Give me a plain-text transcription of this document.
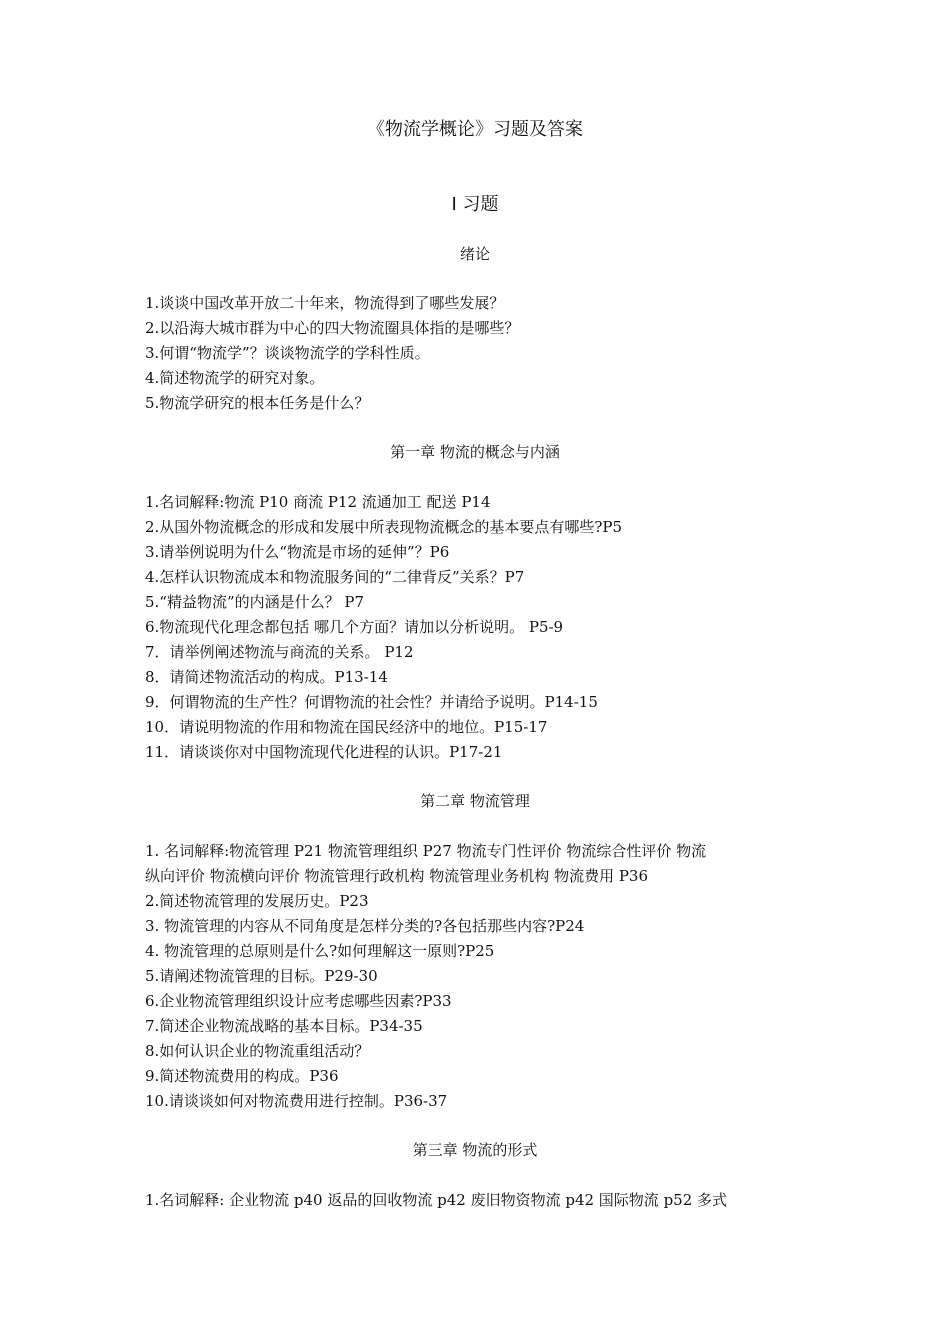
《物流学概论》习题及答案
Ⅰ 习题
绪论
1.谈谈中国改革开放二十年来，物流得到了哪些发展？
2.以沿海大城市群为中心的四大物流圈具体指的是哪些？
3.何谓“物流学”？谈谈物流学的学科性质。
4.简述物流学的研究对象。
5.物流学研究的根本任务是什么？
第一章 物流的概念与内涵
1.名词解释:物流 P10 商流 P12 流通加工 配送 P14
2.从国外物流概念的形成和发展中所表现物流概念的基本要点有哪些?P5
3.请举例说明为什么“物流是市场的延伸”？P6
4.怎样认识物流成本和物流服务间的“二律背反”关系？P7
5.“精益物流”的内涵是什么？ P7
6.物流现代化理念都包括 哪几个方面？请加以分析说明。 P5-9
7．请举例阐述物流与商流的关系。 P12
8．请简述物流活动的构成。P13-14
9．何谓物流的生产性？何谓物流的社会性？并请给予说明。P14-15
10．请说明物流的作用和物流在国民经济中的地位。P15-17
11．请谈谈你对中国物流现代化进程的认识。P17-21
第二章 物流管理
1. 名词解释:物流管理 P21 物流管理组织 P27 物流专门性评价 物流综合性评价 物流
纵向评价 物流横向评价 物流管理行政机构 物流管理业务机构 物流费用 P36
2.简述物流管理的发展历史。P23
3. 物流管理的内容从不同角度是怎样分类的?各包括那些内容?P24
4. 物流管理的总原则是什么?如何理解这一原则?P25
5.请阐述物流管理的目标。P29-30
6.企业物流管理组织设计应考虑哪些因素?P33
7.简述企业物流战略的基本目标。P34-35
8.如何认识企业的物流重组活动？
9.简述物流费用的构成。P36
10.请谈谈如何对物流费用进行控制。P36-37
第三章 物流的形式
1.名词解释: 企业物流 p40 返品的回收物流 p42 废旧物资物流 p42 国际物流 p52 多式
